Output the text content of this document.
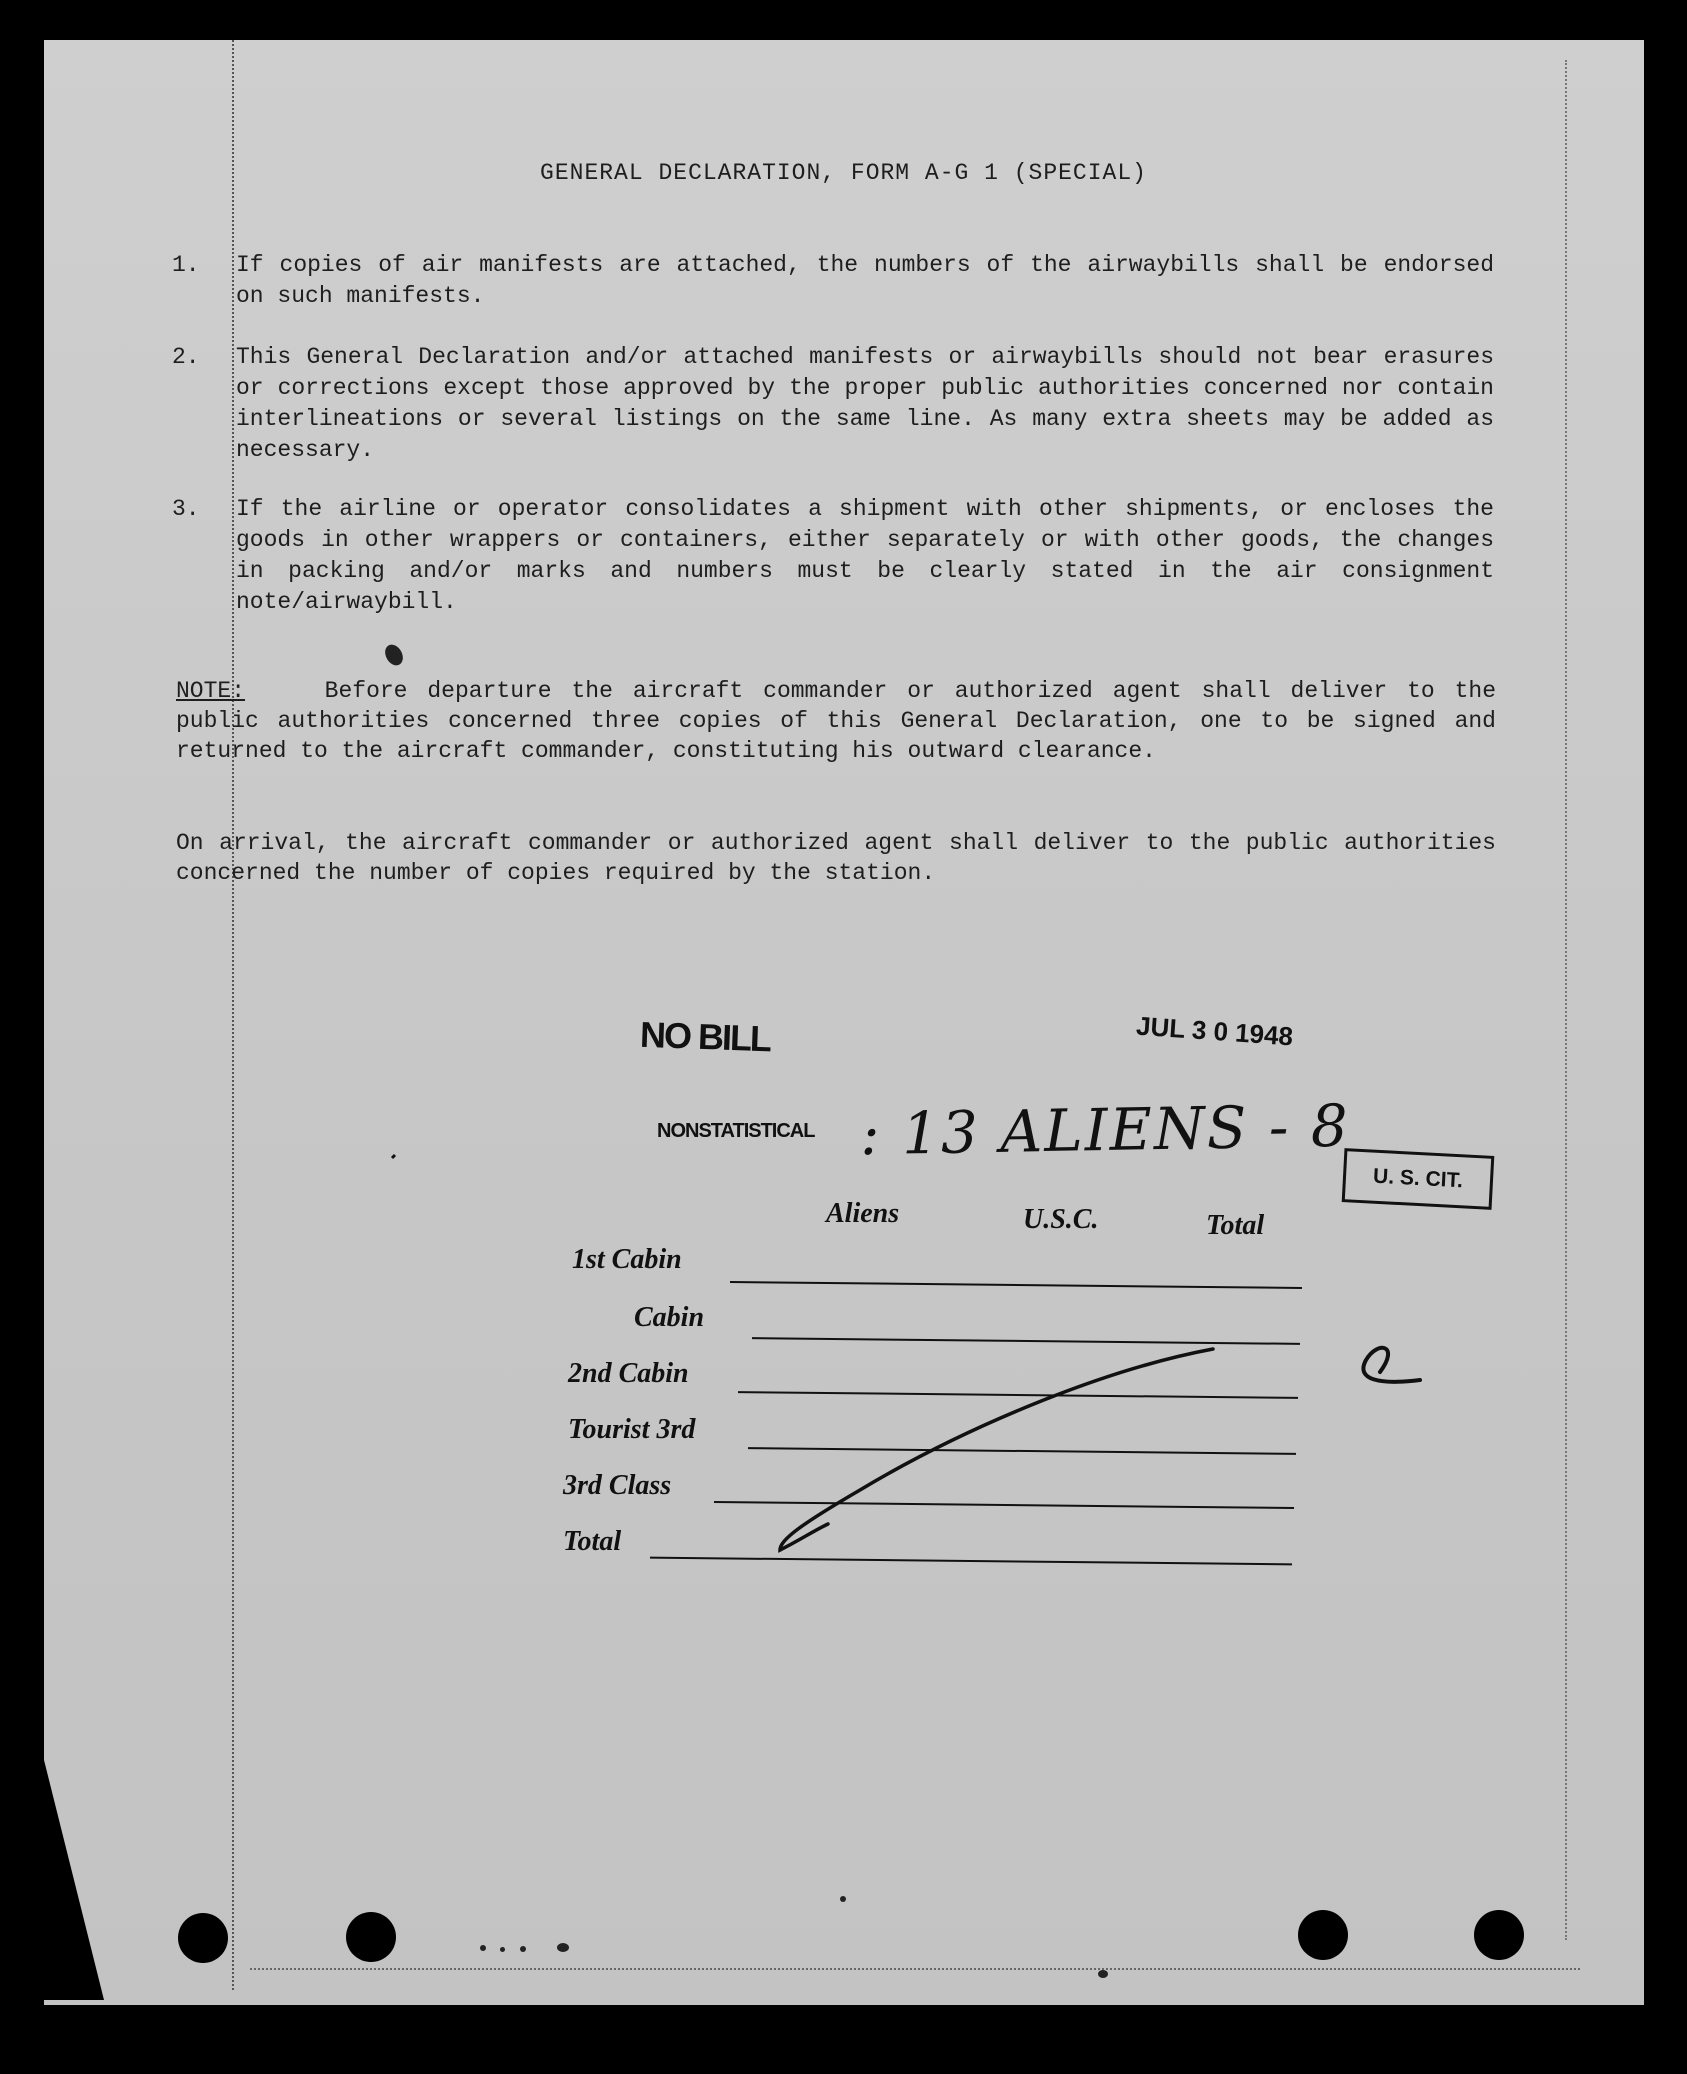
GENERAL DECLARATION, FORM A-G 1 (SPECIAL)
1. If copies of air manifests are attached, the numbers of the airwaybills shall be endorsed on such manifests.
2. This General Declaration and/or attached manifests or airwaybills should not bear erasures or corrections except those approved by the proper public authorities concerned nor contain interlineations or several listings on the same line. As many extra sheets may be added as necessary.
3. If the airline or operator consolidates a shipment with other shipments, or encloses the goods in other wrappers or containers, either separately or with other goods, the changes in packing and/or marks and numbers must be clearly stated in the air consignment note/airwaybill.
NOTE:	Before departure the aircraft commander or authorized agent shall deliver to the public authorities concerned three copies of this General Declaration, one to be signed and returned to the aircraft commander, constituting his outward clearance.
On arrival, the aircraft commander or authorized agent shall deliver to the public authorities concerned the number of copies required by the station.
NO BILL	JUL 3 0 1948
NONSTATISTICAL : 13 ALIENS - 8
U. S. CIT.
Aliens	U.S.C.	Total
1st Cabin
Cabin
2nd Cabin
Tourist 3rd
3rd Class
Total
